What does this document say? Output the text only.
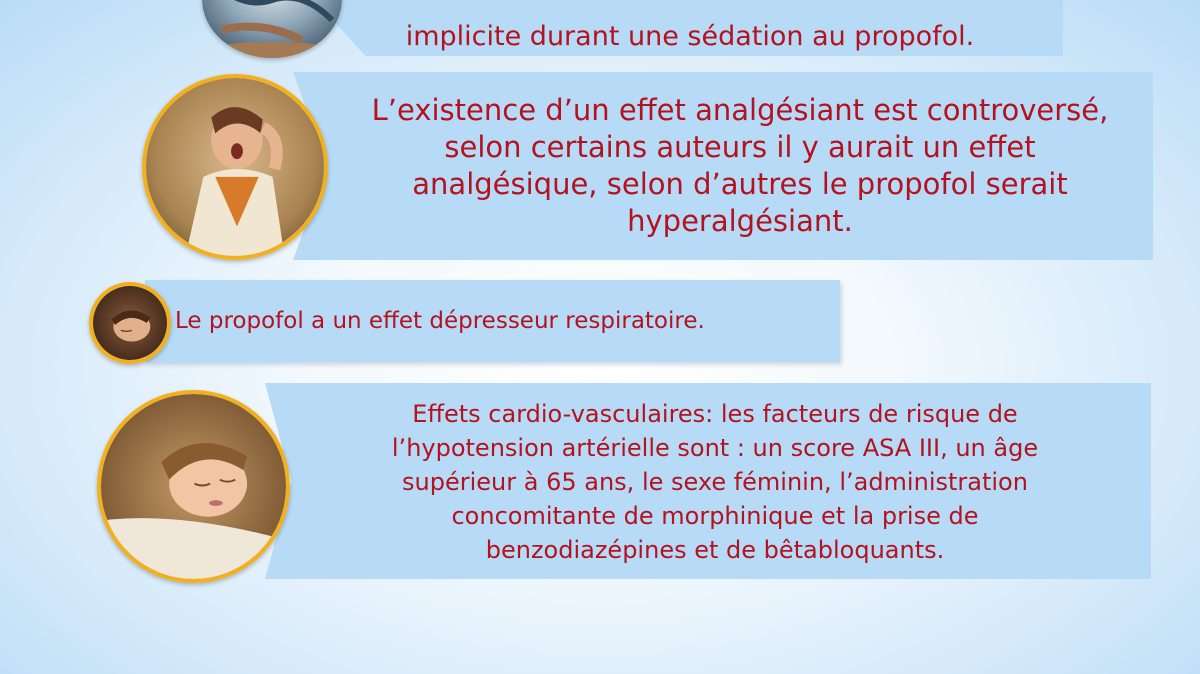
implicite durant une sédation au propofol.
L’existence d’un effet analgésiant est controversé,
selon certains auteurs il y aurait un effet
analgésique, selon d’autres le propofol serait
hyperalgésiant.
Le propofol a un effet dépresseur respiratoire.
Effets cardio-vasculaires: les facteurs de risque de
l’hypotension artérielle sont : un score ASA III, un âge
supérieur à 65 ans, le sexe féminin, l’administration
concomitante de morphinique et la prise de
benzodiazépines et de bêtabloquants.
